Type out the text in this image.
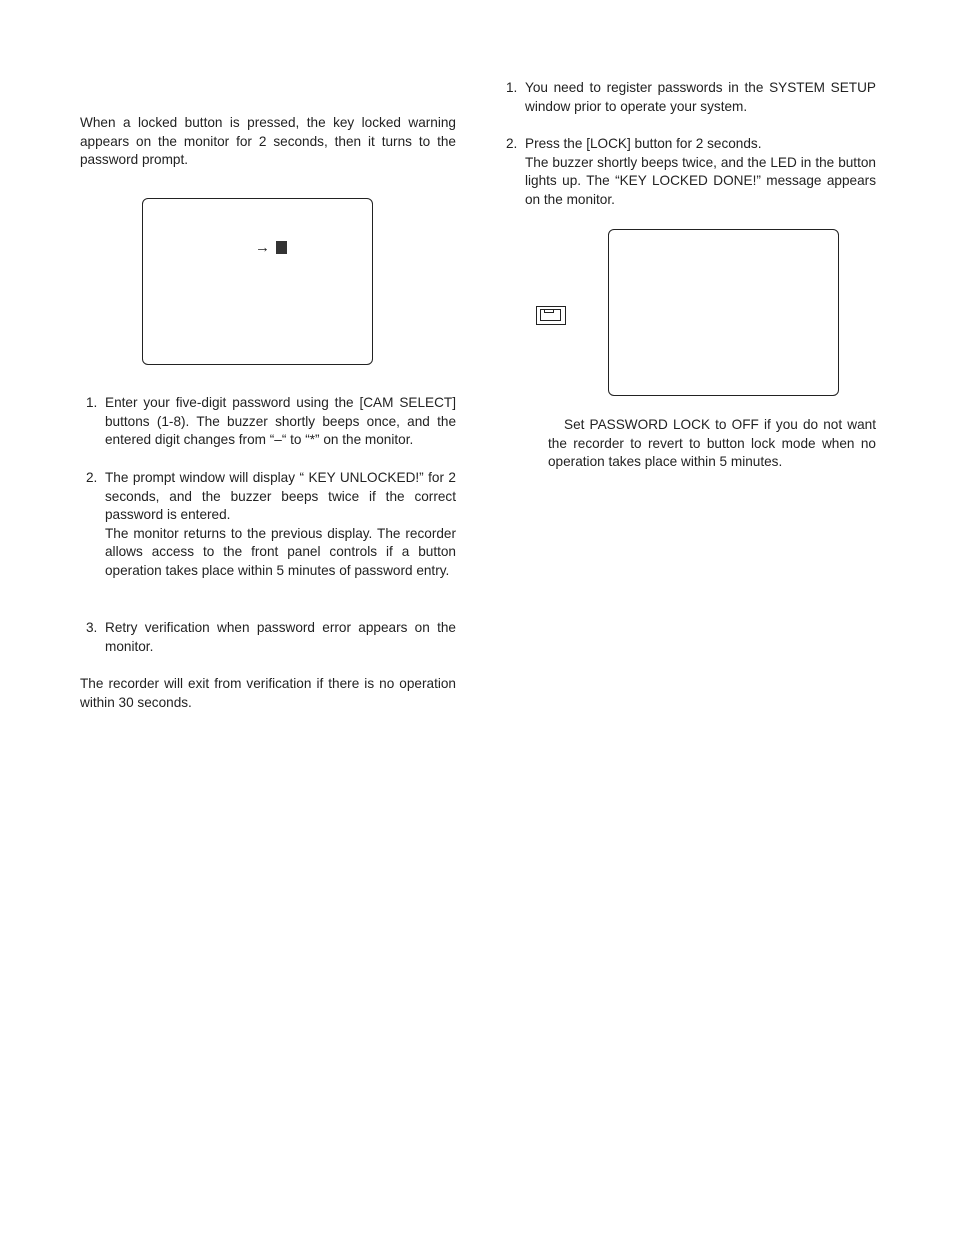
When a locked button is pressed, the key locked warning appears on the monitor for 2 seconds, then it turns to the password prompt.

→
1. Enter your five-digit password using the [CAM SELECT] buttons (1-8). The buzzer shortly beeps once, and the entered digit changes from “–“ to “*” on the monitor.

2. The prompt window will display “ KEY UNLOCKED!” for 2 seconds, and the buzzer beeps twice if the correct password is entered.

The monitor returns to the previous display. The recorder allows access to the front panel controls if a button operation takes place within 5 minutes of password entry.

3. Retry verification when password error appears on the monitor.

The recorder will exit from verification if there is no operation within 30 seconds.

1. You need to register passwords in the SYSTEM SETUP window prior to operate your system.

2. Press the [LOCK] button for 2 seconds.

The buzzer shortly beeps twice, and the LED in the button lights up. The “KEY LOCKED DONE!” message appears on the monitor.

Set PASSWORD LOCK to OFF if you do not want the recorder to revert to button lock mode when no operation takes place within 5 minutes.
